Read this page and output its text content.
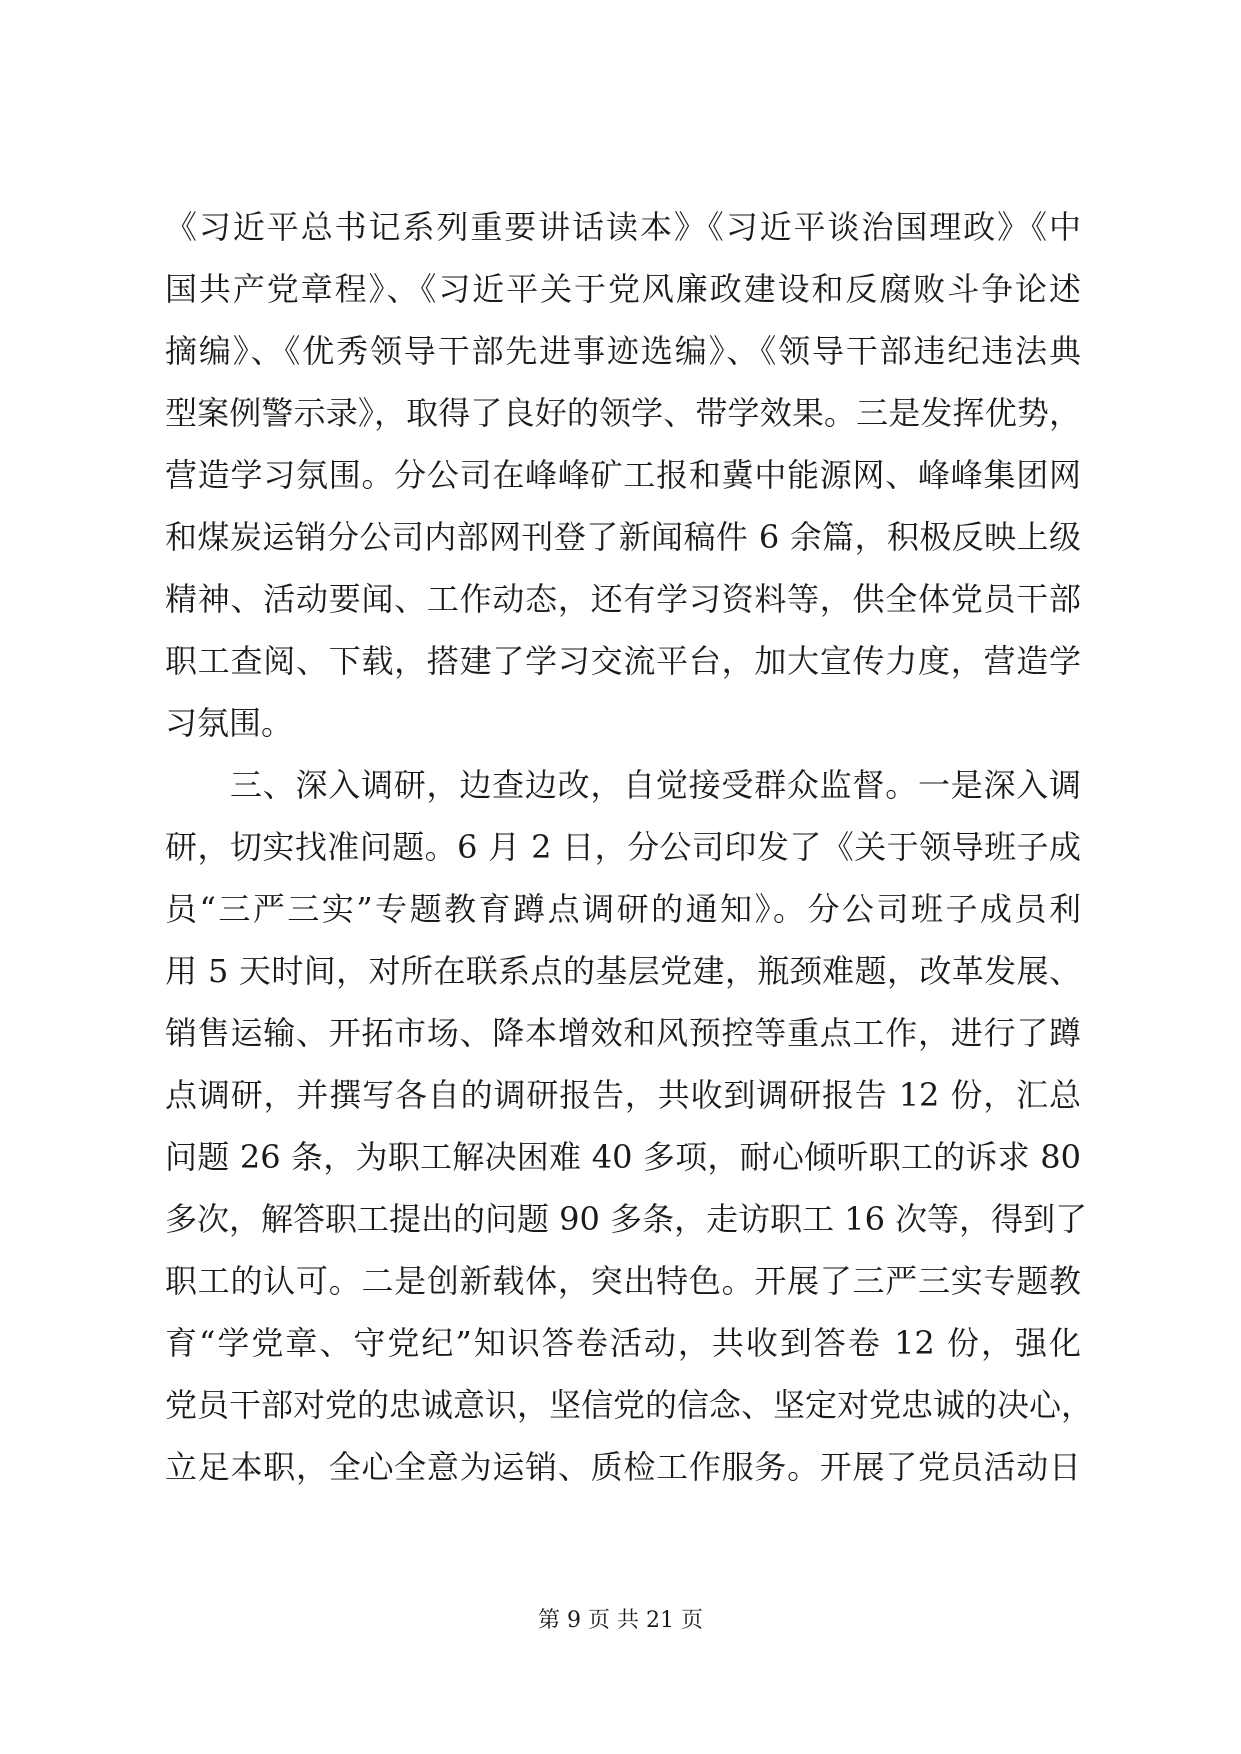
《习近平总书记系列重要讲话读本》《习近平谈治国理政》《中
国共产党章程》、《习近平关于党风廉政建设和反腐败斗争论述
摘编》、《优秀领导干部先进事迹选编》、《领导干部违纪违法典
型案例警示录》，取得了良好的领学、带学效果。三是发挥优势，
营造学习氛围。分公司在峰峰矿工报和冀中能源网、峰峰集团网
和煤炭运销分公司内部网刊登了新闻稿件 6 余篇，积极反映上级
精神、活动要闻、工作动态，还有学习资料等，供全体党员干部
职工查阅、下载，搭建了学习交流平台，加大宣传力度，营造学
习氛围。
三、深入调研，边查边改，自觉接受群众监督。一是深入调
研，切实找准问题。6 月 2 日，分公司印发了《关于领导班子成
员“三严三实”专题教育蹲点调研的通知》。分公司班子成员利
用 5 天时间，对所在联系点的基层党建，瓶颈难题，改革发展、
销售运输、开拓市场、降本增效和风预控等重点工作，进行了蹲
点调研，并撰写各自的调研报告，共收到调研报告 12 份，汇总
问题 26 条，为职工解决困难 40 多项，耐心倾听职工的诉求 80
多次，解答职工提出的问题 90 多条，走访职工 16 次等，得到了
职工的认可。二是创新载体，突出特色。开展了三严三实专题教
育“学党章、守党纪”知识答卷活动，共收到答卷 12 份，强化
党员干部对党的忠诚意识，坚信党的信念、坚定对党忠诚的决心，
立足本职，全心全意为运销、质检工作服务。开展了党员活动日
第 9 页 共 21 页
